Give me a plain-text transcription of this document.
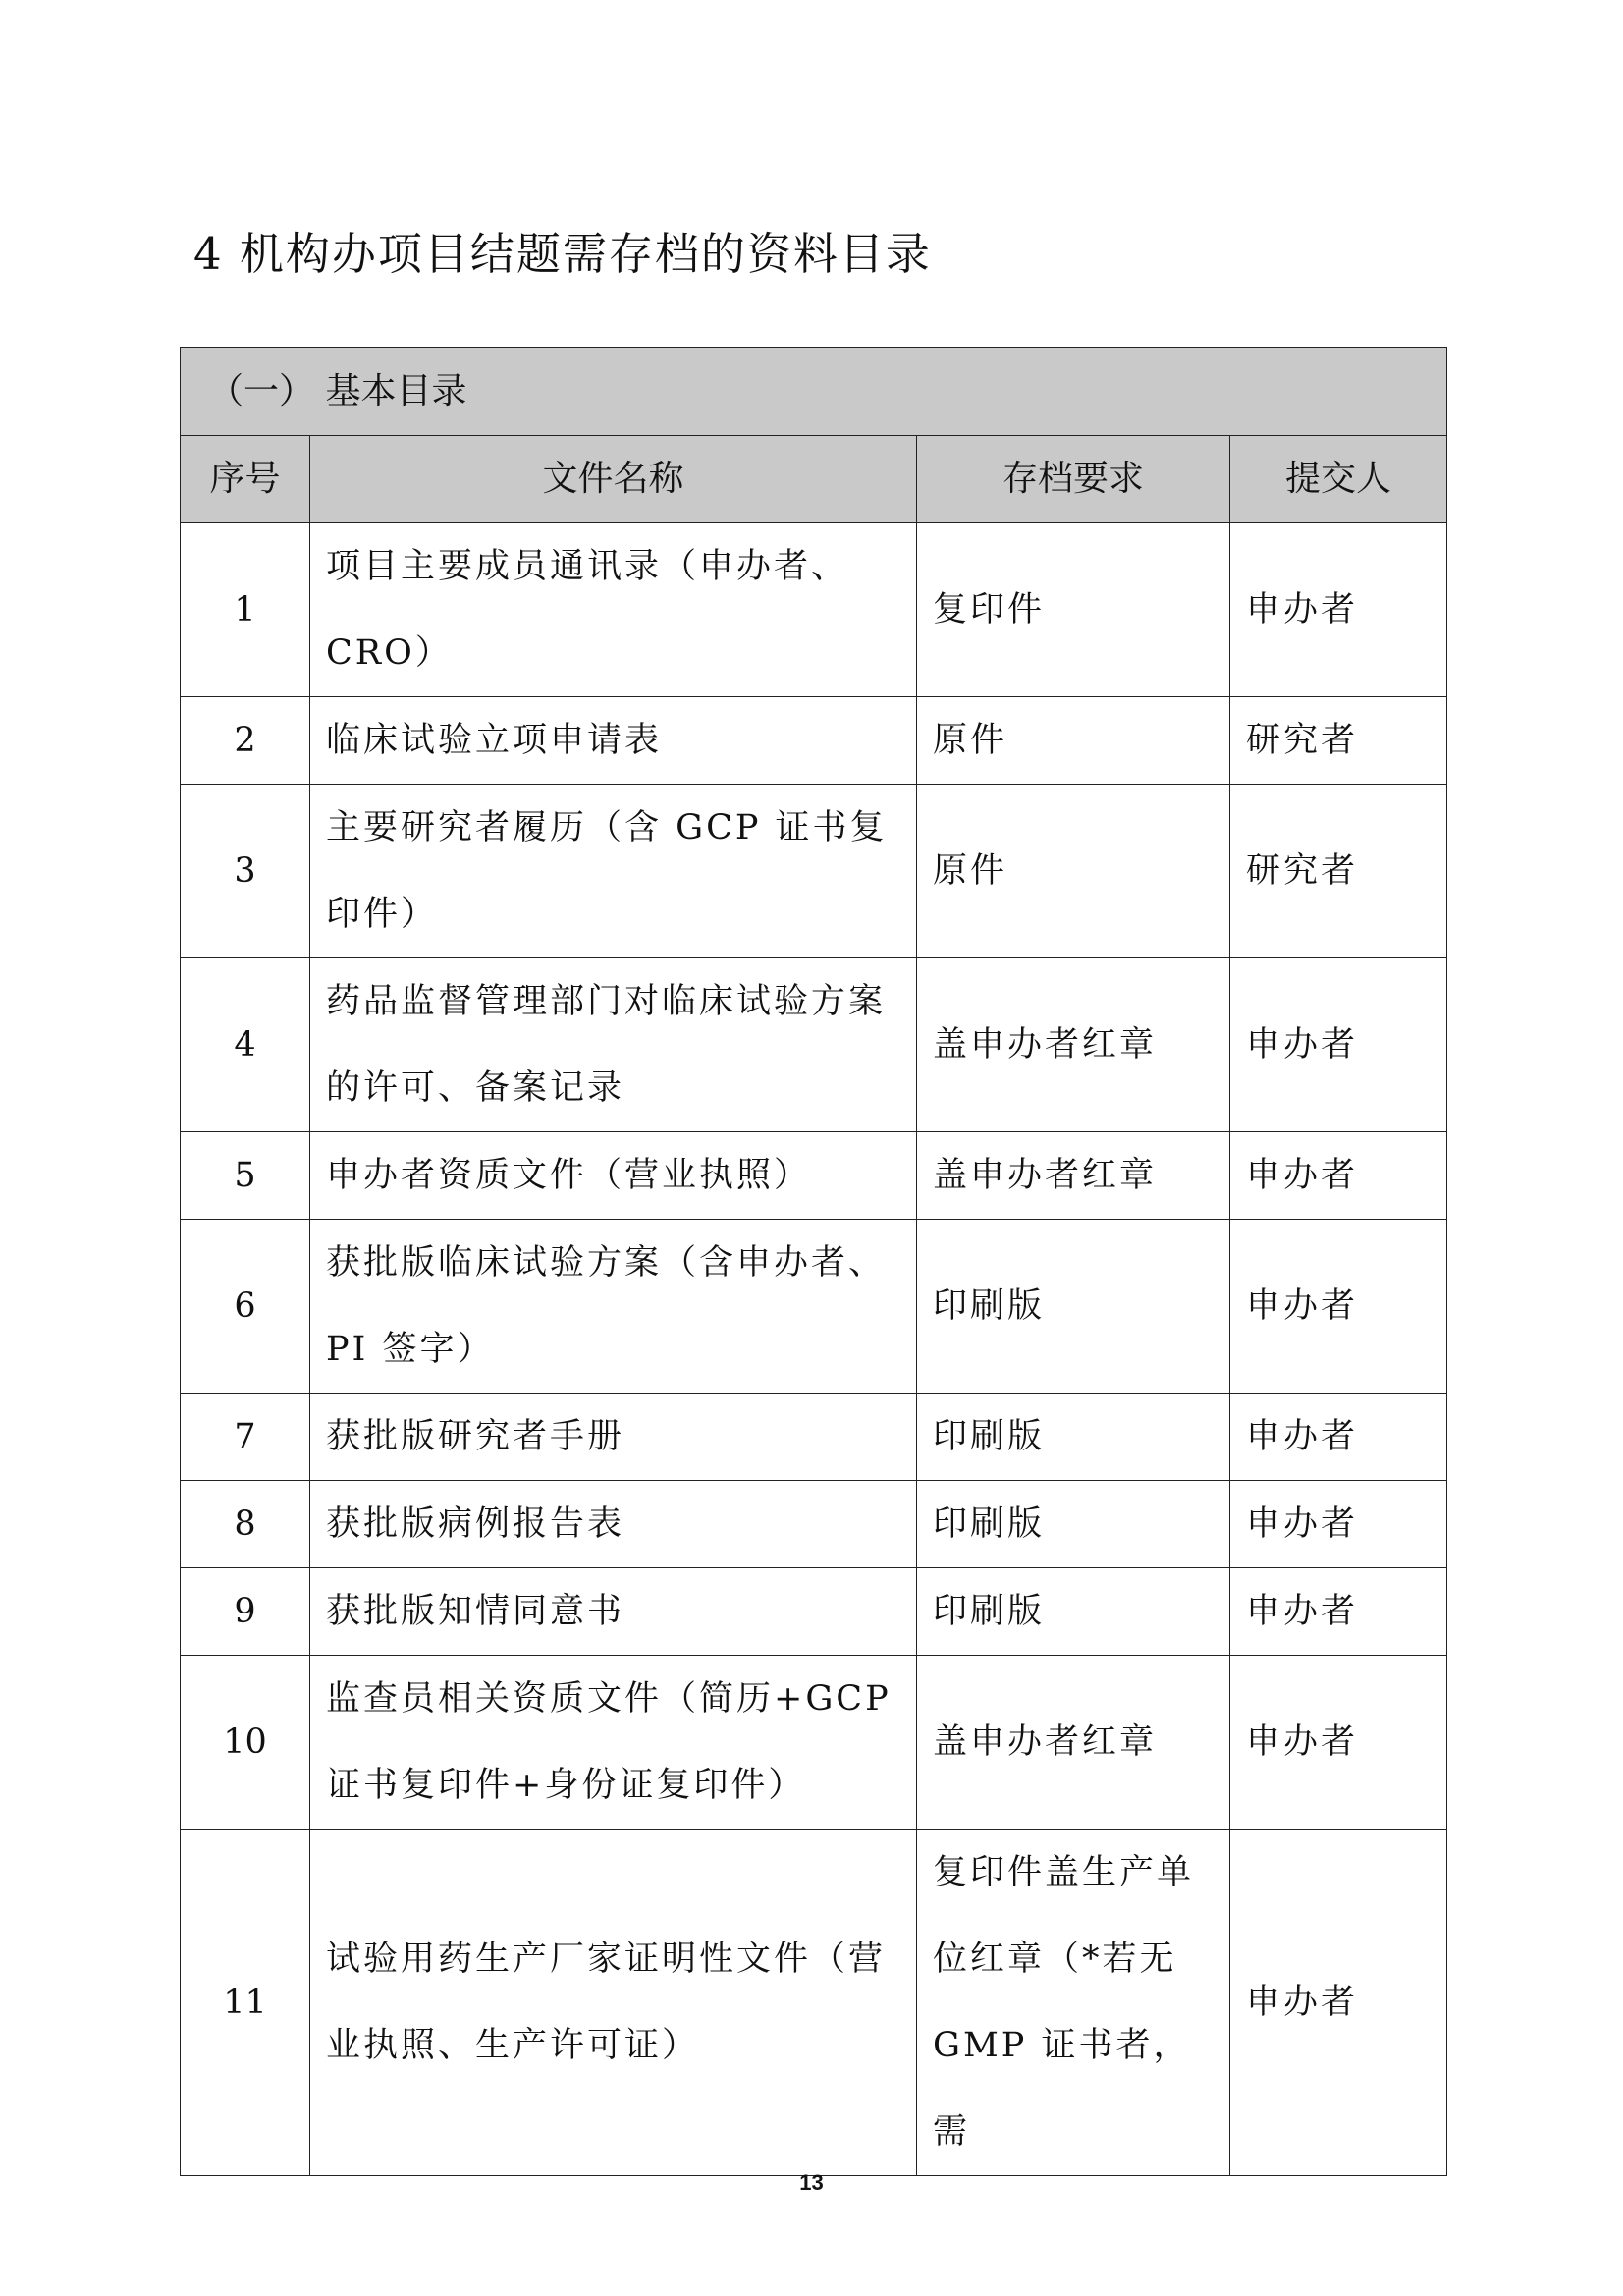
4 机构办项目结题需存档的资料目录
（一） 基本目录			
序号	文件名称	存档要求	提交人
1	项目主要成员通讯录（申办者、CRO）	复印件	申办者
2	临床试验立项申请表	原件	研究者
3	主要研究者履历（含 GCP 证书复印件）	原件	研究者
4	药品监督管理部门对临床试验方案的许可、备案记录	盖申办者红章	申办者
5	申办者资质文件（营业执照）	盖申办者红章	申办者
6	获批版临床试验方案（含申办者、PI 签字）	印刷版	申办者
7	获批版研究者手册	印刷版	申办者
8	获批版病例报告表	印刷版	申办者
9	获批版知情同意书	印刷版	申办者
10	监查员相关资质文件（简历+GCP证书复印件+身份证复印件）	盖申办者红章	申办者
11	试验用药生产厂家证明性文件（营业执照、生产许可证）	复印件盖生产单位红章（*若无GMP 证书者，需	申办者
13
